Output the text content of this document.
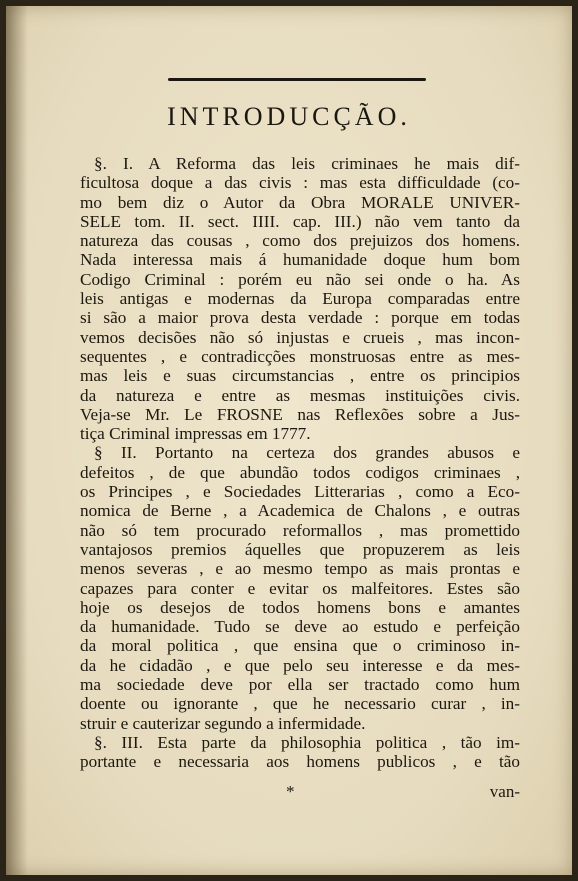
INTRODUCÇÃO.
§. I. A Reforma das leis criminaes he mais dif-
ficultosa doque a das civis : mas esta difficuldade (co-
mo bem diz o Autor da Obra MORALE UNIVER-
SELE tom. II. sect. IIII. cap. III.) não vem tanto da
natureza das cousas , como dos prejuizos dos homens.
Nada interessa mais á humanidade doque hum bom
Codigo Criminal : porém eu não sei onde o ha. As
leis antigas e modernas da Europa comparadas entre
si são a maior prova desta verdade : porque em todas
vemos decisões não só injustas e crueis , mas incon-
sequentes , e contradicções monstruosas entre as mes-
mas leis e suas circumstancias , entre os principios
da natureza e entre as mesmas instituições civis.
Veja-se Mr. Le FROSNE nas Reflexões sobre a Jus-
tiça Criminal impressas em 1777.
§ II. Portanto na certeza dos grandes abusos e
defeitos , de que abundão todos codigos criminaes ,
os Principes , e Sociedades Litterarias , como a Eco-
nomica de Berne , a Academica de Chalons , e outras
não só tem procurado reformallos , mas promettido
vantajosos premios áquelles que propuzerem as leis
menos severas , e ao mesmo tempo as mais prontas e
capazes para conter e evitar os malfeitores. Estes são
hoje os desejos de todos homens bons e amantes
da humanidade. Tudo se deve ao estudo e perfeição
da moral politica , que ensina que o criminoso in-
da he cidadão , e que pelo seu interesse e da mes-
ma sociedade deve por ella ser tractado como hum
doente ou ignorante , que he necessario curar , in-
struir e cauterizar segundo a infermidade.
§. III. Esta parte da philosophia politica , tão im-
portante e necessaria aos homens publicos , e tão
*	van-
